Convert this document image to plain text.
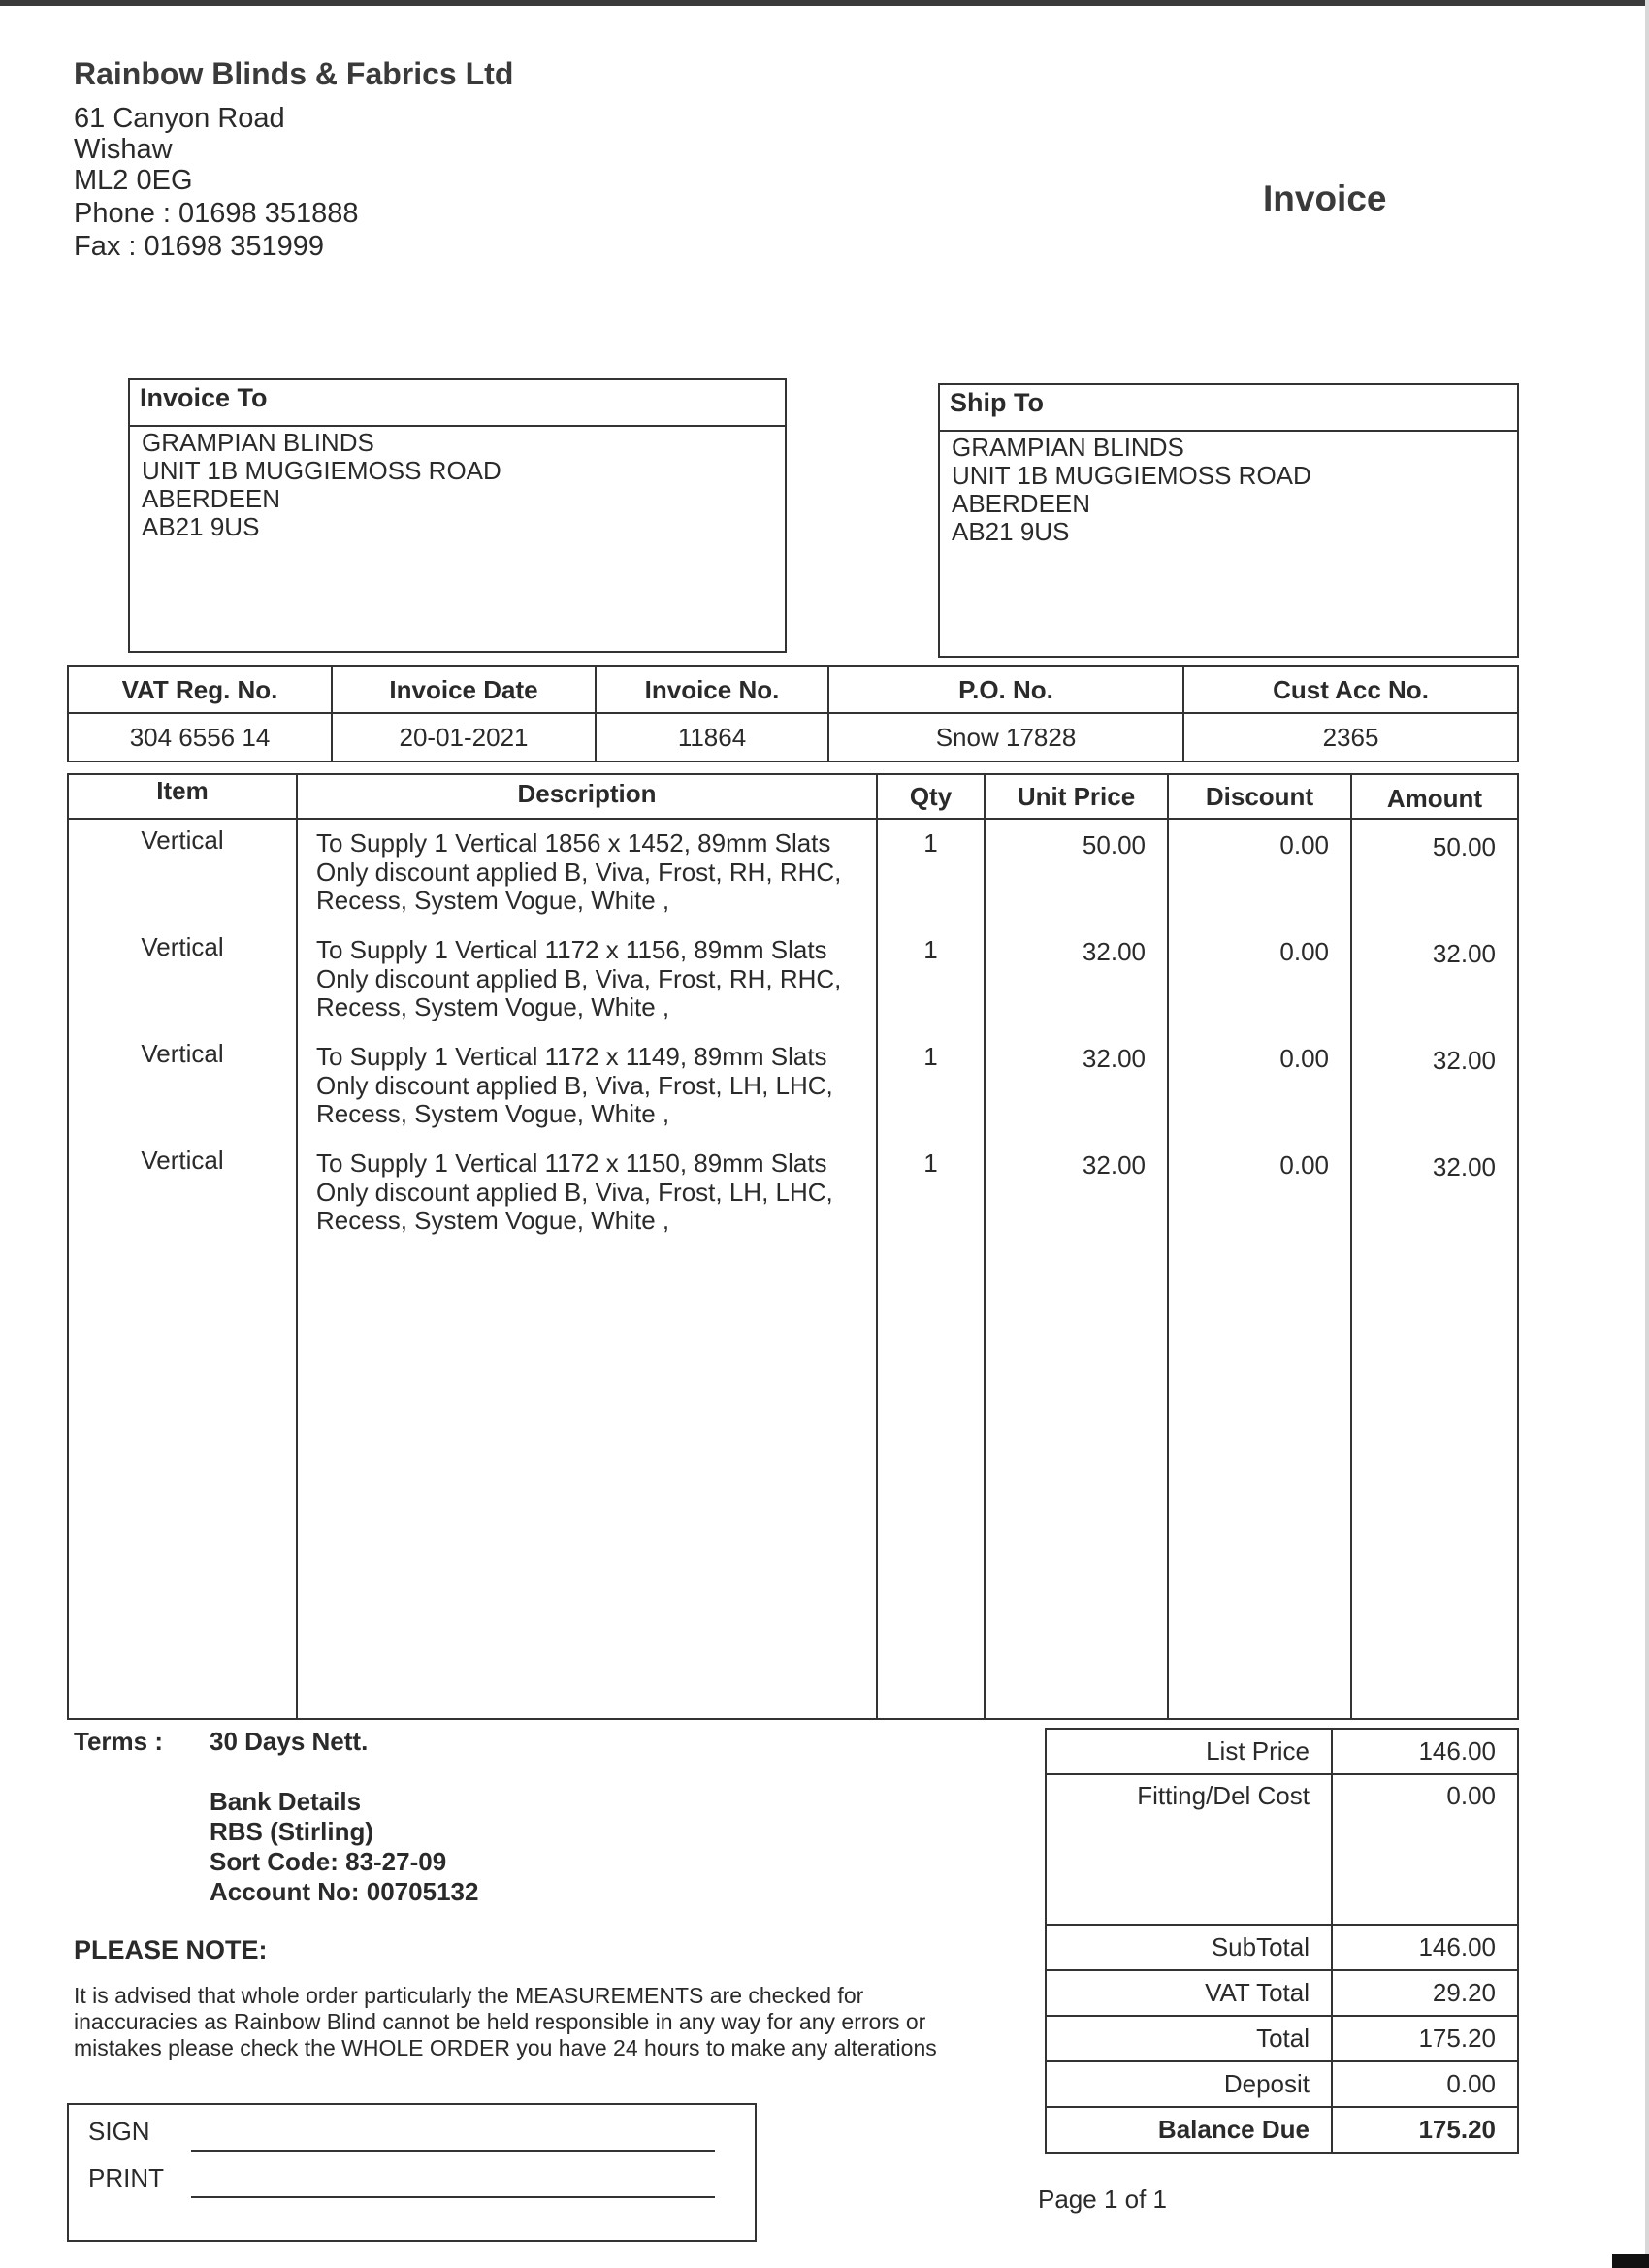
Rainbow Blinds & Fabrics Ltd
61 Canyon Road
Wishaw
ML2 0EG
Phone : 01698 351888
Fax : 01698 351999
Invoice
Invoice To
GRAMPIAN BLINDS
UNIT 1B MUGGIEMOSS ROAD
ABERDEEN
AB21 9US
Ship To
GRAMPIAN BLINDS
UNIT 1B MUGGIEMOSS ROAD
ABERDEEN
AB21 9US
VAT Reg. No.	Invoice Date	Invoice No.	P.O. No.	Cust Acc No.
304 6556 14	20-01-2021	11864	Snow 17828	2365
Item	Description	Qty	Unit Price	Discount	Amount
Vertical	To Supply 1 Vertical 1856 x 1452, 89mm Slats
Only discount applied B, Viva, Frost, RH, RHC,
Recess, System Vogue, White ,
1	50.00	0.00	50.00
Vertical	To Supply 1 Vertical 1172 x 1156, 89mm Slats
Only discount applied B, Viva, Frost, RH, RHC,
Recess, System Vogue, White ,
1	32.00	0.00	32.00
Vertical	To Supply 1 Vertical 1172 x 1149, 89mm Slats
Only discount applied B, Viva, Frost, LH, LHC,
Recess, System Vogue, White ,
1	32.00	0.00	32.00
Vertical	To Supply 1 Vertical 1172 x 1150, 89mm Slats
Only discount applied B, Viva, Frost, LH, LHC,
Recess, System Vogue, White ,
1	32.00	0.00	32.00
Terms : 30 Days Nett.
Bank Details
RBS (Stirling)
Sort Code: 83-27-09
Account No: 00705132
PLEASE NOTE:
It is advised that whole order particularly the MEASUREMENTS are checked for
inaccuracies as Rainbow Blind cannot be held responsible in any way for any errors or
mistakes please check the WHOLE ORDER you have 24 hours to make any alterations
List Price	146.00
Fitting/Del Cost	0.00
SubTotal	146.00
VAT Total	29.20
Total	175.20
Deposit	0.00
Balance Due	175.20
SIGN
PRINT
Page 1 of 1
